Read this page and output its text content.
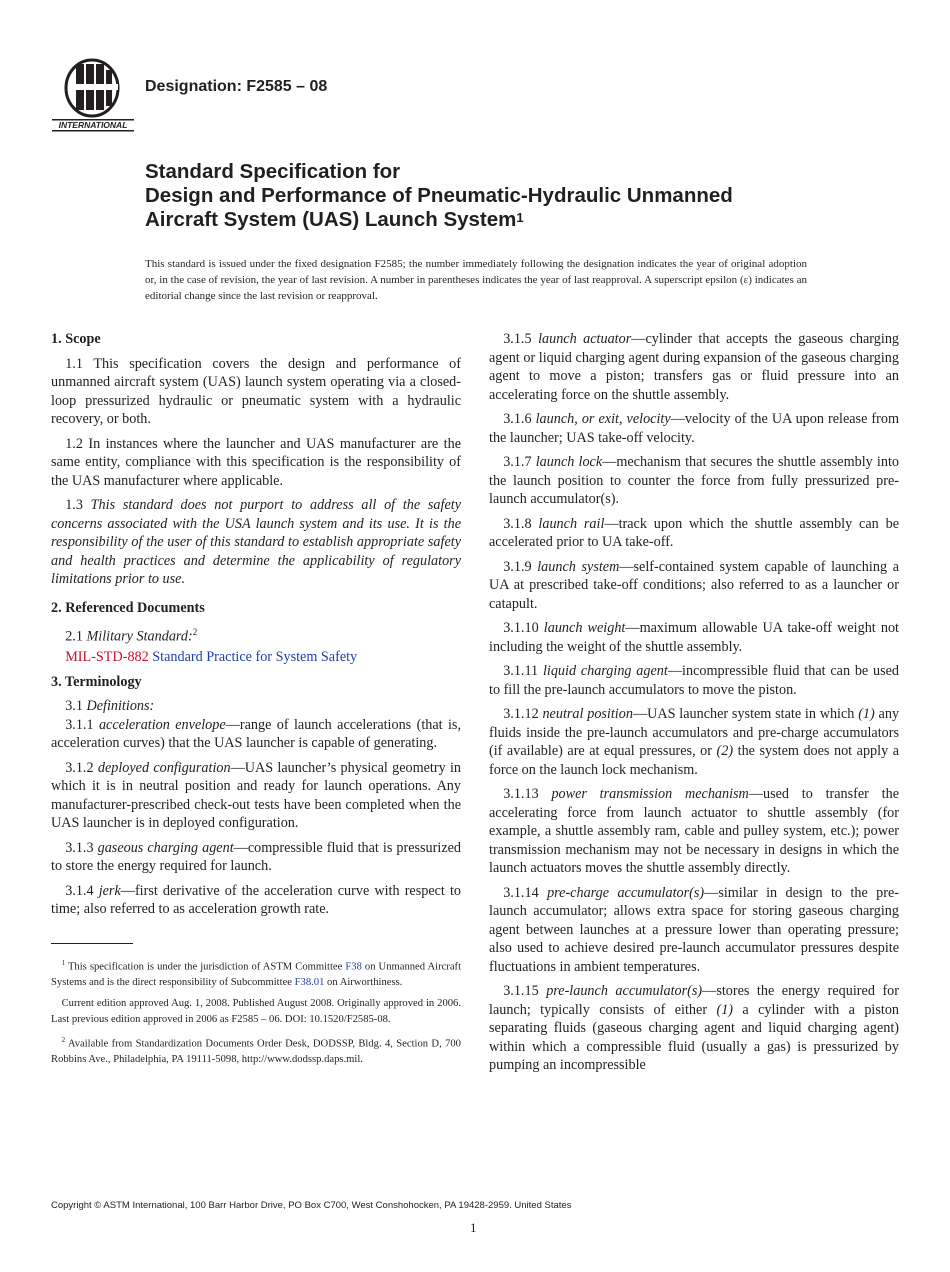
INTERNATIONAL
Designation: F2585 – 08
Standard Specification for
Design and Performance of Pneumatic-Hydraulic Unmanned
Aircraft System (UAS) Launch System$^1$
This standard is issued under the fixed designation F2585; the number immediately following the designation indicates the year of original adoption or, in the case of revision, the year of last revision. A number in parentheses indicates the year of last reapproval. A superscript epsilon (ε) indicates an editorial change since the last revision or reapproval.
1. Scope

 1.1 This specification covers the design and performance of unmanned aircraft system (UAS) launch system operating via a closed-loop pressurized hydraulic or pneumatic system with a hydraulic recovery, or both.

 1.2 In instances where the launcher and UAS manufacturer are the same entity, compliance with this specification is the responsibility of the UAS manufacturer where applicable.

 1.3 This standard does not purport to address all of the safety concerns associated with the USA launch system and its use. It is the responsibility of the user of this standard to establish appropriate safety and health practices and determine the applicability of regulatory limitations prior to use.

2. Referenced Documents

 2.1 Military Standard:$^2$

 MIL-STD-882 Standard Practice for System Safety

3. Terminology

 3.1 Definitions:

 3.1.1 acceleration envelope—range of launch accelerations (that is, acceleration curves) that the UAS launcher is capable of generating.

 3.1.2 deployed configuration—UAS launcher’s physical geometry in which it is in neutral position and ready for launch operations. Any manufacturer-prescribed check-out tests have been completed when the UAS launcher is in deployed configuration.

 3.1.3 gaseous charging agent—compressible fluid that is pressurized to store the energy required for launch.

 3.1.4 jerk—first derivative of the acceleration curve with respect to time; also referred to as acceleration growth rate.

 $^1$ This specification is under the jurisdiction of ASTM Committee F38 on Unmanned Aircraft Systems and is the direct responsibility of Subcommittee F38.01 on Airworthiness.

 Current edition approved Aug. 1, 2008. Published August 2008. Originally approved in 2006. Last previous edition approved in 2006 as F2585 – 06. DOI: 10.1520/F2585-08.

 $^2$ Available from Standardization Documents Order Desk, DODSSP, Bldg. 4, Section D, 700 Robbins Ave., Philadelphia, PA 19111-5098, http://www.dodssp.daps.mil.

 3.1.5 launch actuator—cylinder that accepts the gaseous charging agent or liquid charging agent during expansion of the gaseous charging agent to move a piston; transfers gas or fluid pressure into an accelerating force on the shuttle assembly.

 3.1.6 launch, or exit, velocity—velocity of the UA upon release from the launcher; UAS take-off velocity.

 3.1.7 launch lock—mechanism that secures the shuttle assembly into the launch position to counter the force from fully pressurized pre-launch accumulator(s).

 3.1.8 launch rail—track upon which the shuttle assembly can be accelerated prior to UA take-off.

 3.1.9 launch system—self-contained system capable of launching a UA at prescribed take-off conditions; also referred to as a launcher or catapult.

 3.1.10 launch weight—maximum allowable UA take-off weight not including the weight of the shuttle assembly.

 3.1.11 liquid charging agent—incompressible fluid that can be used to fill the pre-launch accumulators to move the piston.

 3.1.12 neutral position—UAS launcher system state in which (1) any fluids inside the pre-launch accumulators and pre-charge accumulators (if available) are at equal pressures, or (2) the system does not apply a force on the launch lock mechanism.

 3.1.13 power transmission mechanism—used to transfer the accelerating force from launch actuator to shuttle assembly (for example, a shuttle assembly ram, cable and pulley system, etc.); power transmission mechanism may not be necessary in designs in which the launch actuators moves the shuttle assembly directly.

 3.1.14 pre-charge accumulator(s)—similar in design to the pre-launch accumulator; allows extra space for storing gaseous charging agent between launches at a pressure lower than operating pressure; also used to achieve desired pre-launch accumulator pressures despite fluctuations in ambient temperatures.

 3.1.15 pre-launch accumulator(s)—stores the energy required for launch; typically consists of either (1) a cylinder with a piston separating fluids (gaseous charging agent and liquid charging agent) within which a compressible fluid (usually a gas) is pressurized by pumping an incompressible

Copyright © ASTM International, 100 Barr Harbor Drive, PO Box C700, West Conshohocken, PA 19428-2959. United States
1
